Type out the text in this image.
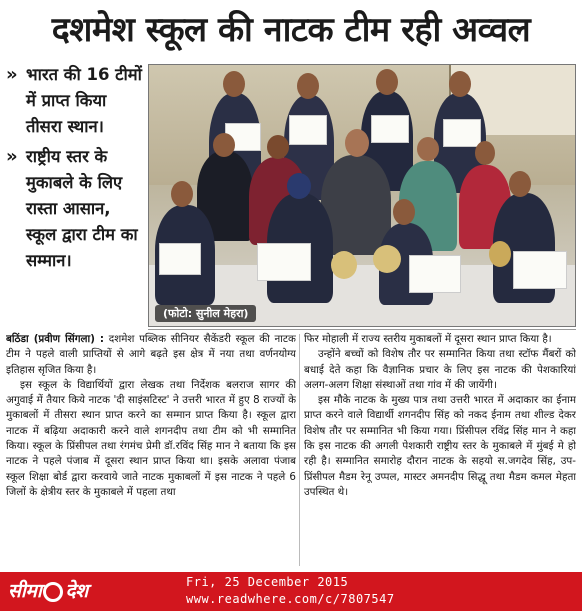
दशमेश स्कूल की नाटक टीम रही अव्वल
» भारत की 16 टीमों में प्राप्त किया तीसरा स्थान।
» राष्ट्रीय स्तर के मुकाबले के लिए रास्ता आसान, स्कूल द्वारा टीम का सम्मान।
(फोटो: सुनील मेहरा)

बठिंडा (प्रवीण सिंगला) : दशमेश पब्लिक सीनियर सैकेंडरी स्कूल की नाटक टीम ने पहले वाली प्राप्तियों से आगे बढ़ते इस क्षेत्र में नया तथा वर्णनयोग्य इतिहास सृजित किया है।

इस स्कूल के विद्यार्थियों द्वारा लेखक तथा निर्देशक बलराज सागर की अगुवाई में तैयार किये नाटक 'दी साइंसटिस्ट' ने उत्तरी भारत में हुए 8 राज्यों के मुकाबलों में तीसरा स्थान प्राप्त करने का सम्मान प्राप्त किया है। स्कूल द्वारा नाटक में बढ़िया अदाकारी करने वाले शगनदीप तथा टीम को भी सम्मानित किया। स्कूल के प्रिंसीपल तथा रंगमंच प्रेमी डॉ.रविंद सिंह मान ने बताया कि इस नाटक ने पहले पंजाब में दूसरा स्थान प्राप्त किया था। इसके अलावा पंजाब स्कूल शिक्षा बोर्ड द्वारा करवाये जाते नाटक मुकाबलों में इस नाटक ने पहले 6 जिलों के क्षेत्रीय स्तर के मुकाबले में पहला तथा

फिर मोहाली में राज्य स्तरीय मुकाबलों में दूसरा स्थान प्राप्त किया है।

उन्होंने बच्चों को विशेष तौर पर सम्मानित किया तथा स्टॉफ मैंबरों को बधाई देते कहा कि वैज्ञानिक प्रचार के लिए इस नाटक की पेशकारियां अलग-अलग शिक्षा संस्थाओं तथा गांव में की जायेंगी।

इस मौके नाटक के मुख्य पात्र तथा उत्तरी भारत में अदाकार का ईनाम प्राप्त करने वाले विद्यार्थी शगनदीप सिंह को नकद ईनाम तथा शील्ड देकर विशेष तौर पर सम्मानित भी किया गया। प्रिंसीपल रविंद्र सिंह मान ने कहा कि इस नाटक की अगली पेशकारी राष्ट्रीय स्तर के मुकाबले में मुंबई मे हो रही है। सम्मानित समारोह दौरान नाटक के सहयो स.जगदेव सिंह, उप-प्रिंसीपल मैडम रेनू उप्पल, मास्टर अमनदीप सिद्धू तथा मैडम कमल मेहता उपस्थित थे।

सीमा देश	Fri, 25 December 2015
www.readwhere.com/c/7807547
